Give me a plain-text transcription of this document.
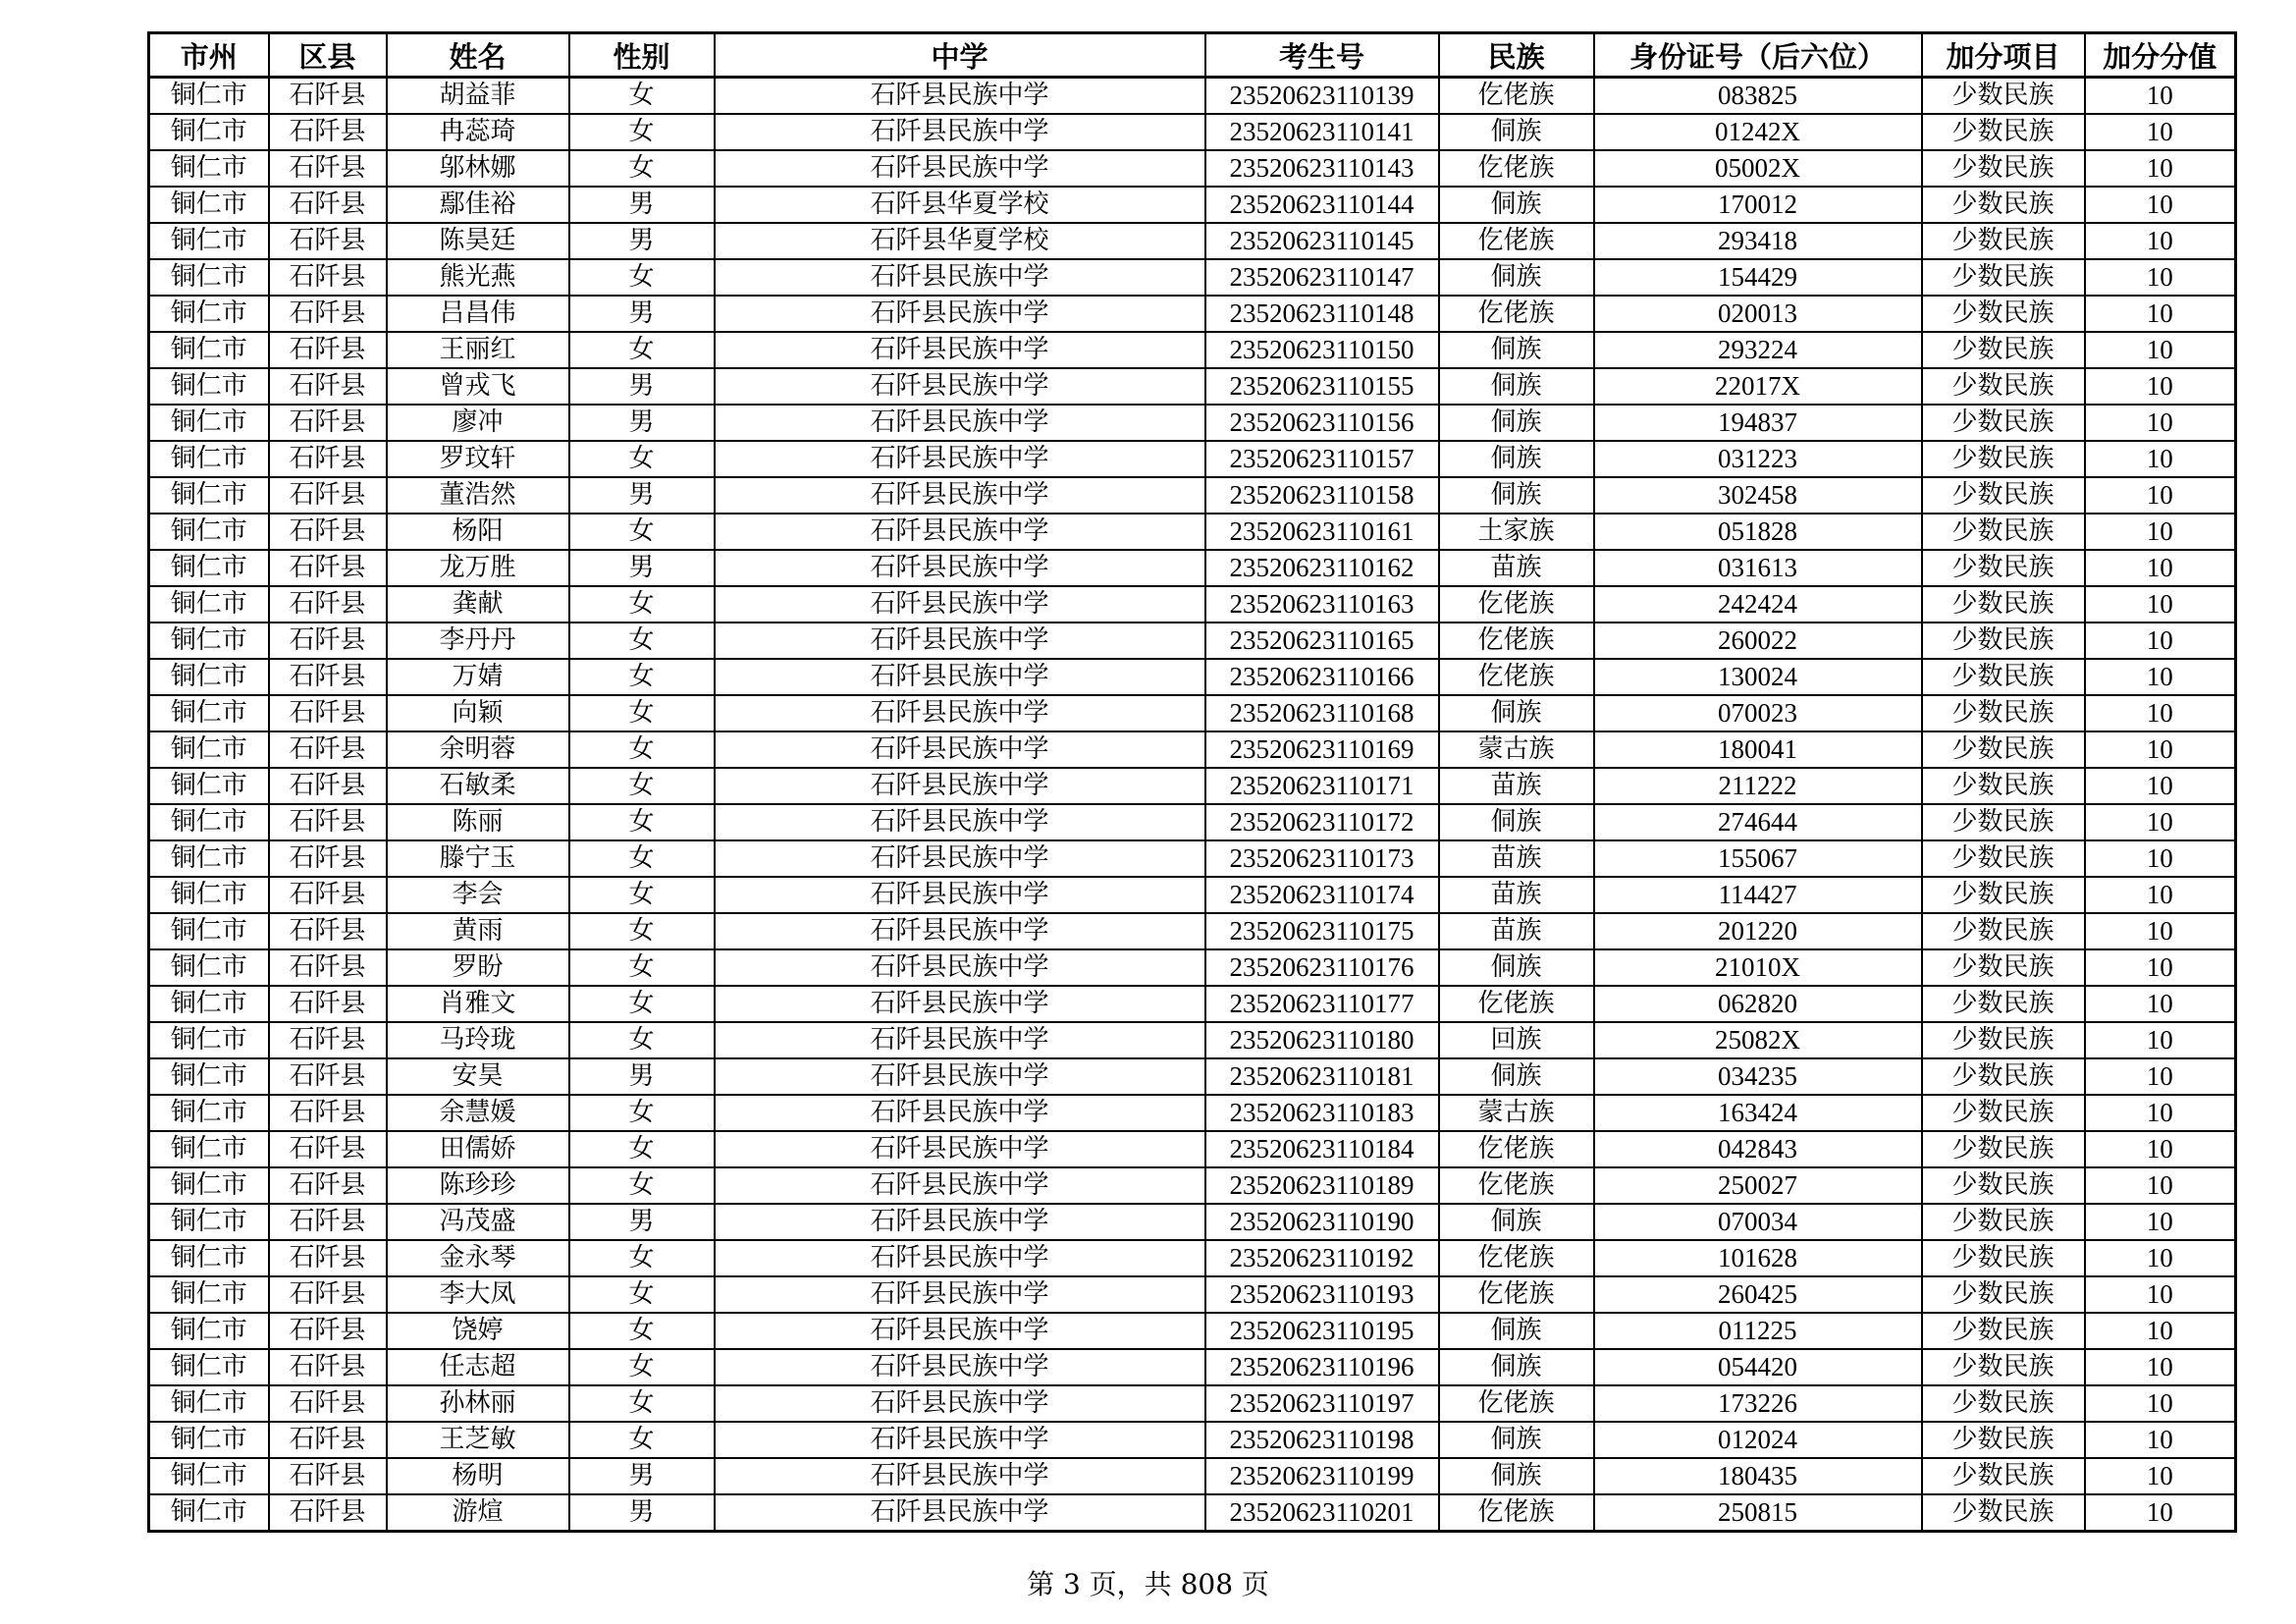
市州	区县	姓名	性别	中学	考生号	民族	身份证号（后六位）	加分项目	加分分值
铜仁市	石阡县	胡益菲	女	石阡县民族中学	23520623110139	仡佬族	083825	少数民族	10
铜仁市	石阡县	冉蕊琦	女	石阡县民族中学	23520623110141	侗族	01242X	少数民族	10
铜仁市	石阡县	邬林娜	女	石阡县民族中学	23520623110143	仡佬族	05002X	少数民族	10
铜仁市	石阡县	鄢佳裕	男	石阡县华夏学校	23520623110144	侗族	170012	少数民族	10
铜仁市	石阡县	陈昊廷	男	石阡县华夏学校	23520623110145	仡佬族	293418	少数民族	10
铜仁市	石阡县	熊光燕	女	石阡县民族中学	23520623110147	侗族	154429	少数民族	10
铜仁市	石阡县	吕昌伟	男	石阡县民族中学	23520623110148	仡佬族	020013	少数民族	10
铜仁市	石阡县	王丽红	女	石阡县民族中学	23520623110150	侗族	293224	少数民族	10
铜仁市	石阡县	曾戎飞	男	石阡县民族中学	23520623110155	侗族	22017X	少数民族	10
铜仁市	石阡县	廖冲	男	石阡县民族中学	23520623110156	侗族	194837	少数民族	10
铜仁市	石阡县	罗玟轩	女	石阡县民族中学	23520623110157	侗族	031223	少数民族	10
铜仁市	石阡县	董浩然	男	石阡县民族中学	23520623110158	侗族	302458	少数民族	10
铜仁市	石阡县	杨阳	女	石阡县民族中学	23520623110161	土家族	051828	少数民族	10
铜仁市	石阡县	龙万胜	男	石阡县民族中学	23520623110162	苗族	031613	少数民族	10
铜仁市	石阡县	龚献	女	石阡县民族中学	23520623110163	仡佬族	242424	少数民族	10
铜仁市	石阡县	李丹丹	女	石阡县民族中学	23520623110165	仡佬族	260022	少数民族	10
铜仁市	石阡县	万婧	女	石阡县民族中学	23520623110166	仡佬族	130024	少数民族	10
铜仁市	石阡县	向颖	女	石阡县民族中学	23520623110168	侗族	070023	少数民族	10
铜仁市	石阡县	余明蓉	女	石阡县民族中学	23520623110169	蒙古族	180041	少数民族	10
铜仁市	石阡县	石敏柔	女	石阡县民族中学	23520623110171	苗族	211222	少数民族	10
铜仁市	石阡县	陈丽	女	石阡县民族中学	23520623110172	侗族	274644	少数民族	10
铜仁市	石阡县	滕宁玉	女	石阡县民族中学	23520623110173	苗族	155067	少数民族	10
铜仁市	石阡县	李会	女	石阡县民族中学	23520623110174	苗族	114427	少数民族	10
铜仁市	石阡县	黄雨	女	石阡县民族中学	23520623110175	苗族	201220	少数民族	10
铜仁市	石阡县	罗盼	女	石阡县民族中学	23520623110176	侗族	21010X	少数民族	10
铜仁市	石阡县	肖雅文	女	石阡县民族中学	23520623110177	仡佬族	062820	少数民族	10
铜仁市	石阡县	马玲珑	女	石阡县民族中学	23520623110180	回族	25082X	少数民族	10
铜仁市	石阡县	安昊	男	石阡县民族中学	23520623110181	侗族	034235	少数民族	10
铜仁市	石阡县	余慧媛	女	石阡县民族中学	23520623110183	蒙古族	163424	少数民族	10
铜仁市	石阡县	田儒娇	女	石阡县民族中学	23520623110184	仡佬族	042843	少数民族	10
铜仁市	石阡县	陈珍珍	女	石阡县民族中学	23520623110189	仡佬族	250027	少数民族	10
铜仁市	石阡县	冯茂盛	男	石阡县民族中学	23520623110190	侗族	070034	少数民族	10
铜仁市	石阡县	金永琴	女	石阡县民族中学	23520623110192	仡佬族	101628	少数民族	10
铜仁市	石阡县	李大凤	女	石阡县民族中学	23520623110193	仡佬族	260425	少数民族	10
铜仁市	石阡县	饶婷	女	石阡县民族中学	23520623110195	侗族	011225	少数民族	10
铜仁市	石阡县	任志超	女	石阡县民族中学	23520623110196	侗族	054420	少数民族	10
铜仁市	石阡县	孙林丽	女	石阡县民族中学	23520623110197	仡佬族	173226	少数民族	10
铜仁市	石阡县	王芝敏	女	石阡县民族中学	23520623110198	侗族	012024	少数民族	10
铜仁市	石阡县	杨明	男	石阡县民族中学	23520623110199	侗族	180435	少数民族	10
铜仁市	石阡县	游煊	男	石阡县民族中学	23520623110201	仡佬族	250815	少数民族	10
第 3 页，共 808 页
